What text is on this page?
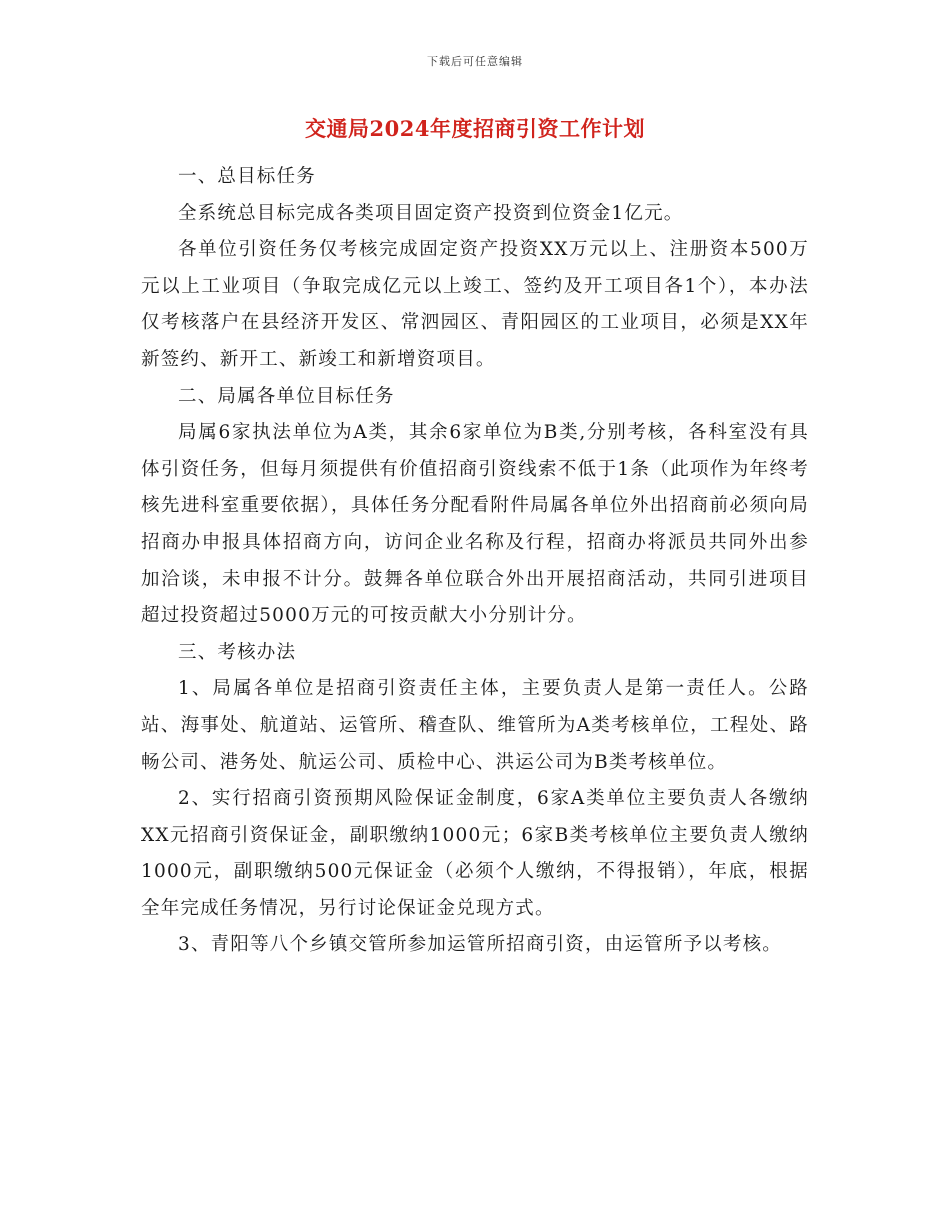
下载后可任意编辑
交通局2024年度招商引资工作计划

一、总目标任务

全系统总目标完成各类项目固定资产投资到位资金1亿元。

各单位引资任务仅考核完成固定资产投资XX万元以上、注册资本500万元以上工业项目（争取完成亿元以上竣工、签约及开工项目各1个），本办法仅考核落户在县经济开发区、常泗园区、青阳园区的工业项目，必须是XX年新签约、新开工、新竣工和新增资项目。

二、局属各单位目标任务

局属6家执法单位为A类，其余6家单位为B类,分别考核，各科室没有具体引资任务，但每月须提供有价值招商引资线索不低于1条（此项作为年终考核先进科室重要依据），具体任务分配看附件局属各单位外出招商前必须向局招商办申报具体招商方向，访问企业名称及行程，招商办将派员共同外出参加洽谈，未申报不计分。鼓舞各单位联合外出开展招商活动，共同引进项目超过投资超过5000万元的可按贡献大小分别计分。

三、考核办法

1、局属各单位是招商引资责任主体，主要负责人是第一责任人。公路站、海事处、航道站、运管所、稽查队、维管所为A类考核单位，工程处、路畅公司、港务处、航运公司、质检中心、洪运公司为B类考核单位。

2、实行招商引资预期风险保证金制度，6家A类单位主要负责人各缴纳XX元招商引资保证金，副职缴纳1000元；6家B类考核单位主要负责人缴纳1000元，副职缴纳500元保证金（必须个人缴纳，不得报销），年底，根据全年完成任务情况，另行讨论保证金兑现方式。

3、青阳等八个乡镇交管所参加运管所招商引资，由运管所予以考核。
